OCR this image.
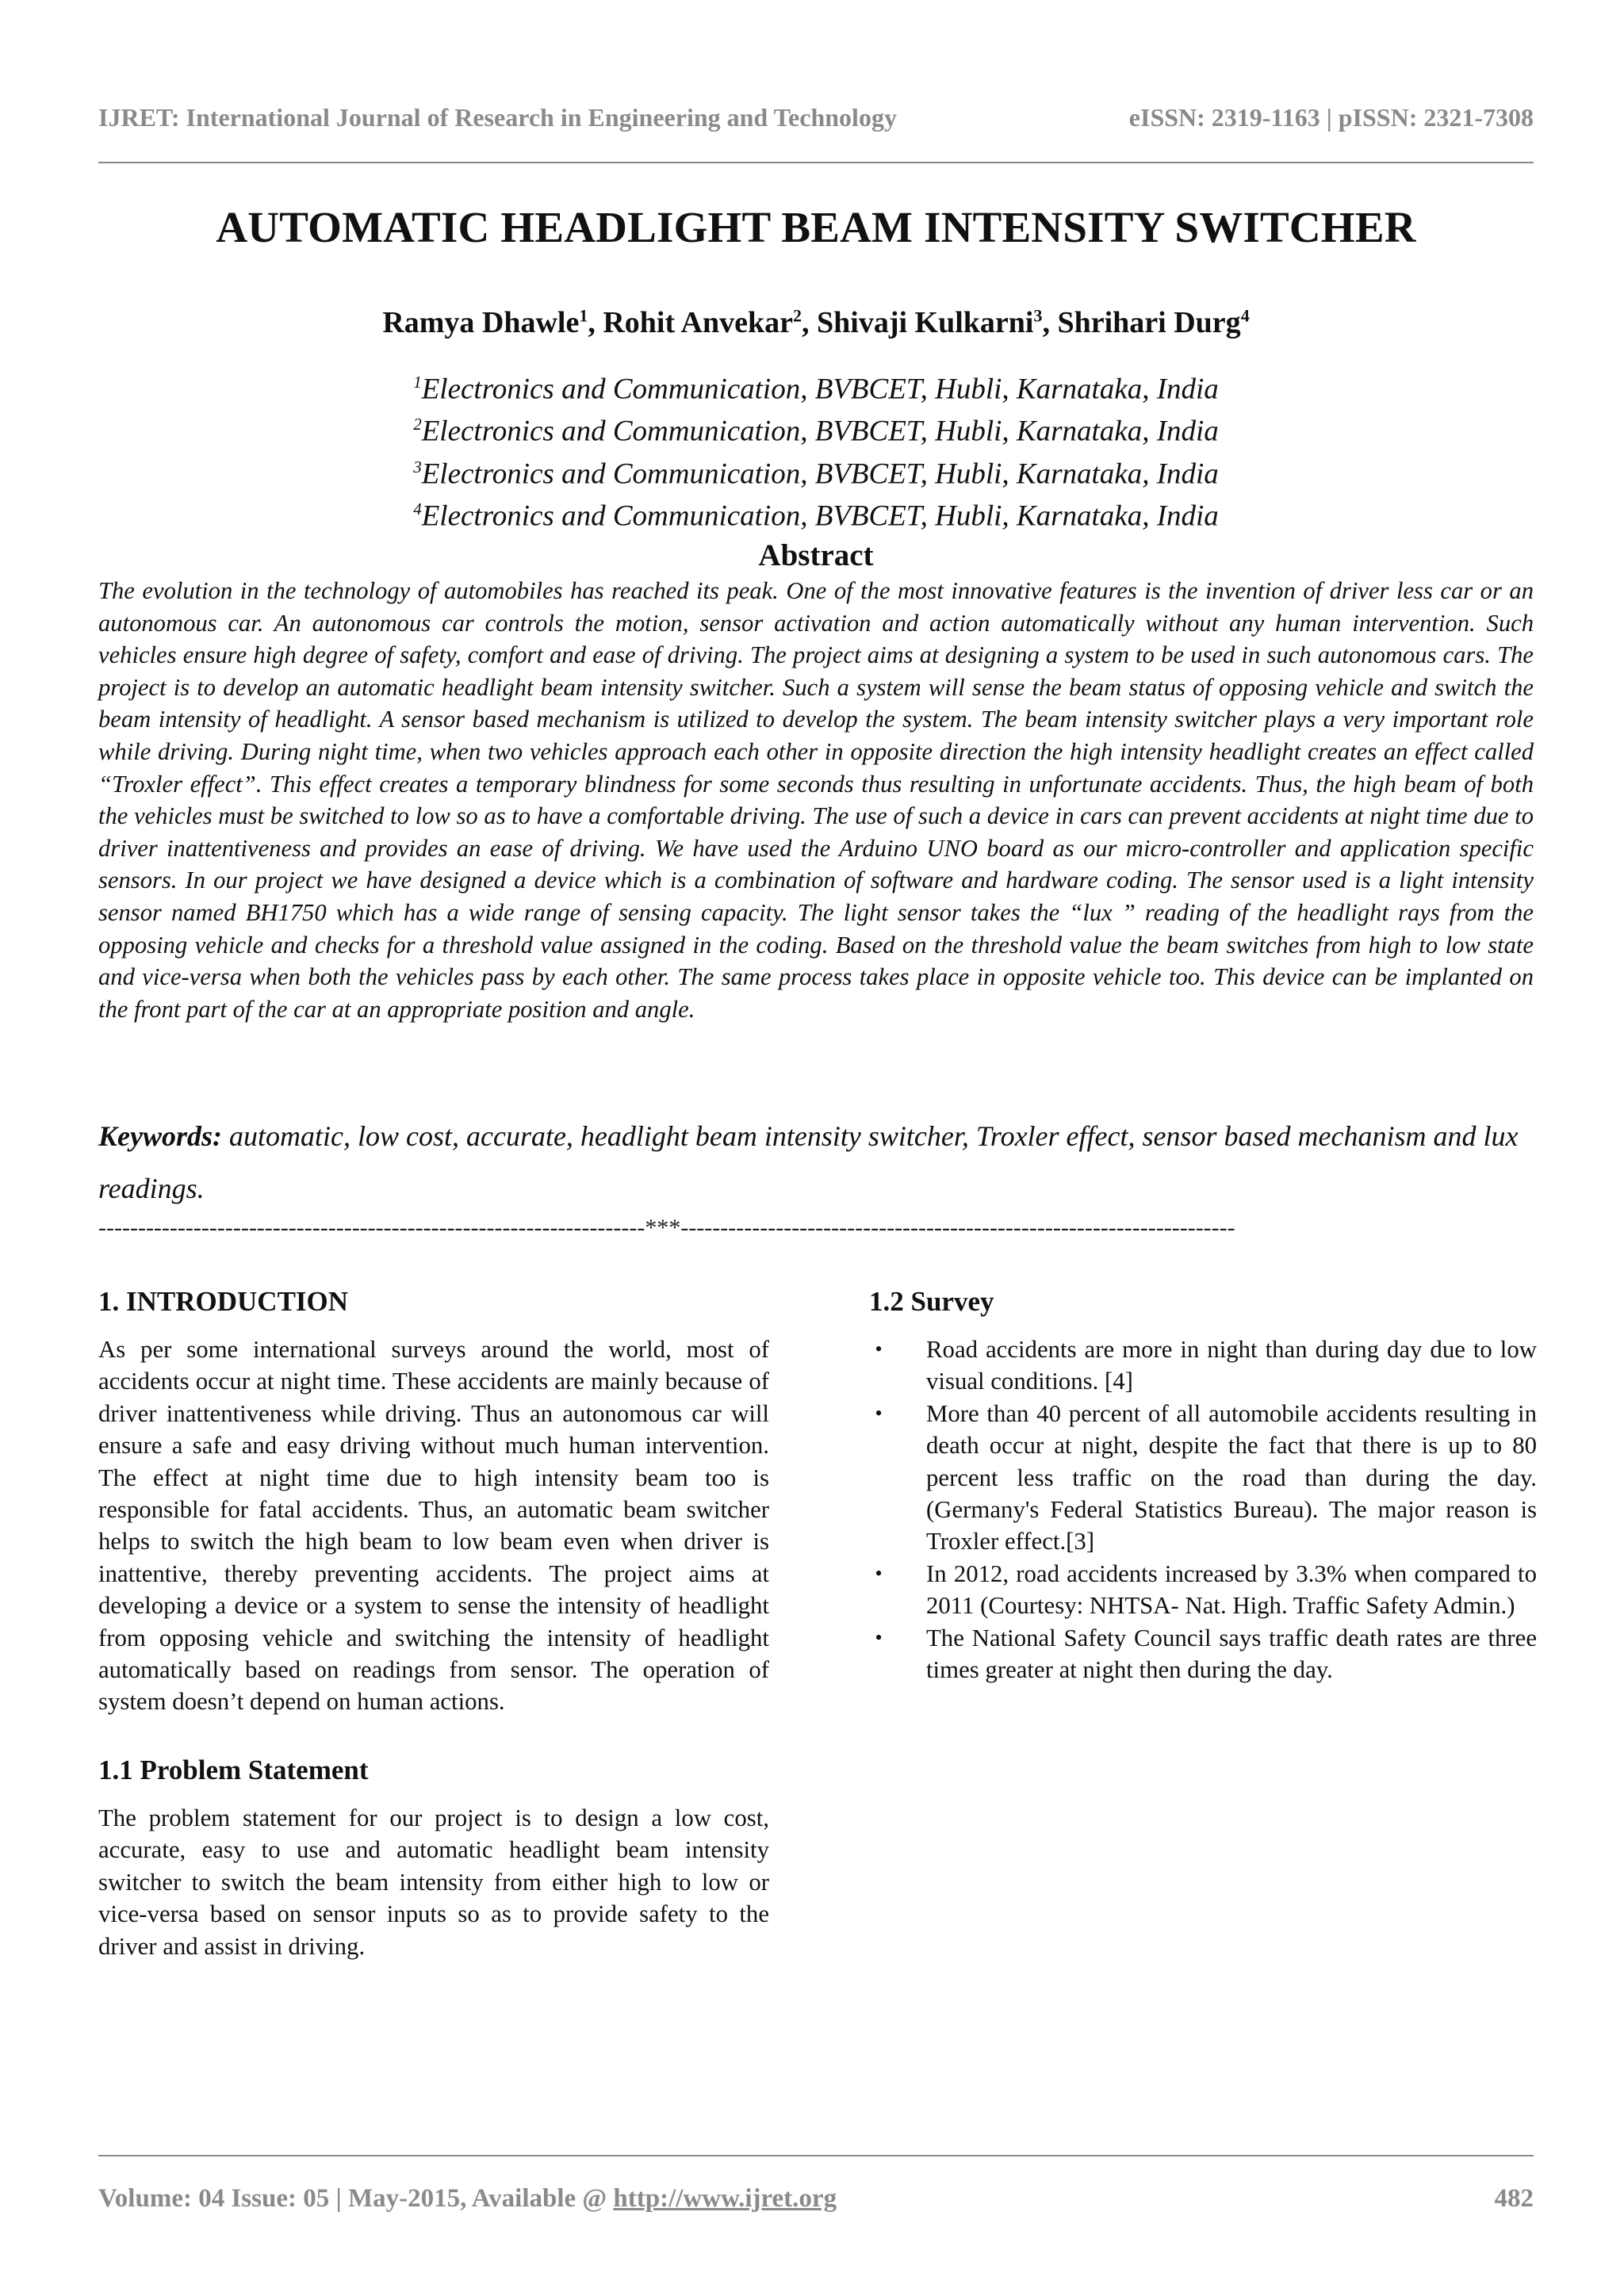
IJRET: International Journal of Research in Engineering and Technology	eISSN: 2319-1163 | pISSN: 2321-7308
AUTOMATIC HEADLIGHT BEAM INTENSITY SWITCHER
Ramya Dhawle$^1$, Rohit Anvekar$^2$, Shivaji Kulkarni$^3$, Shrihari Durg$^4$
$^1$Electronics and Communication, BVBCET, Hubli, Karnataka, India
$^2$Electronics and Communication, BVBCET, Hubli, Karnataka, India
$^3$Electronics and Communication, BVBCET, Hubli, Karnataka, India
$^4$Electronics and Communication, BVBCET, Hubli, Karnataka, India
Abstract

The evolution in the technology of automobiles has reached its peak. One of the most innovative features is the invention of driver less car or an autonomous car. An autonomous car controls the motion, sensor activation and action automatically without any human intervention. Such vehicles ensure high degree of safety, comfort and ease of driving. The project aims at designing a system to be used in such autonomous cars. The project is to develop an automatic headlight beam intensity switcher. Such a system will sense the beam status of opposing vehicle and switch the beam intensity of headlight. A sensor based mechanism is utilized to develop the system. The beam intensity switcher plays a very important role while driving. During night time, when two vehicles approach each other in opposite direction the high intensity headlight creates an effect called “Troxler effect”. This effect creates a temporary blindness for some seconds thus resulting in unfortunate accidents. Thus, the high beam of both the vehicles must be switched to low so as to have a comfortable driving. The use of such a device in cars can prevent accidents at night time due to driver inattentiveness and provides an ease of driving. We have used the Arduino UNO board as our micro-controller and application specific sensors. In our project we have designed a device which is a combination of software and hardware coding. The sensor used is a light intensity sensor named BH1750 which has a wide range of sensing capacity. The light sensor takes the “lux ” reading of the headlight rays from the opposing vehicle and checks for a threshold value assigned in the coding. Based on the threshold value the beam switches from high to low state and vice-versa when both the vehicles pass by each other. The same process takes place in opposite vehicle too. This device can be implanted on the front part of the car at an appropriate position and angle.

Keywords: automatic, low cost, accurate, headlight beam intensity switcher, Troxler effect, sensor based mechanism and lux readings.

---------------------------------------------------------------------***----------------------------------------------------------------------
1. INTRODUCTION

As per some international surveys around the world, most of accidents occur at night time. These accidents are mainly because of driver inattentiveness while driving. Thus an autonomous car will ensure a safe and easy driving without much human intervention. The effect at night time due to high intensity beam too is responsible for fatal accidents. Thus, an automatic beam switcher helps to switch the high beam to low beam even when driver is inattentive, thereby preventing accidents. The project aims at developing a device or a system to sense the intensity of headlight from opposing vehicle and switching the intensity of headlight automatically based on readings from sensor. The operation of system doesn’t depend on human actions.

1.1 Problem Statement

The problem statement for our project is to design a low cost, accurate, easy to use and automatic headlight beam intensity switcher to switch the beam intensity from either high to low or vice-versa based on sensor inputs so as to provide safety to the driver and assist in driving.

1.2 Survey
• Road accidents are more in night than during day due to low visual conditions. [4]
• More than 40 percent of all automobile accidents resulting in death occur at night, despite the fact that there is up to 80 percent less traffic on the road than during the day. (Germany's Federal Statistics Bureau). The major reason is Troxler effect.[3]
• In 2012, road accidents increased by 3.3% when compared to 2011 (Courtesy: NHTSA- Nat. High. Traffic Safety Admin.)
• The National Safety Council says traffic death rates are three times greater at night then during the day.
Volume: 04 Issue: 05 | May-2015, Available @ http://www.ijret.org	482
